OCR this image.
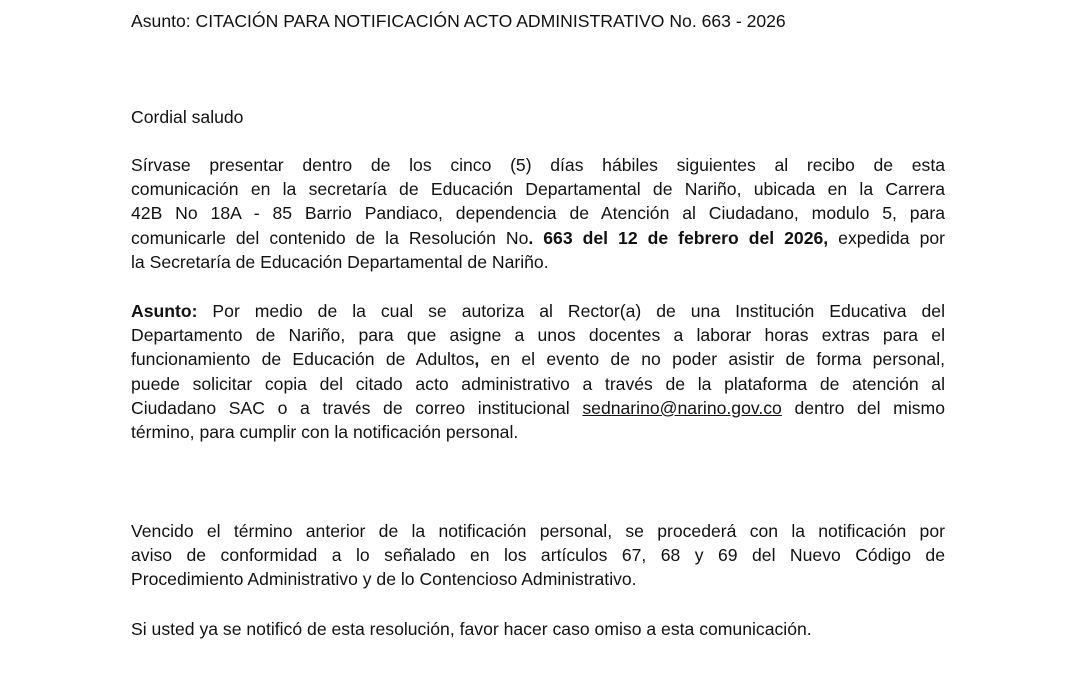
Asunto: CITACIÓN PARA NOTIFICACIÓN ACTO ADMINISTRATIVO No. 663 - 2026

Cordial saludo

Sírvase presentar dentro de los cinco (5) días hábiles siguientes al recibo de esta
comunicación en la secretaría de Educación Departamental de Nariño, ubicada en la Carrera
42B No 18A - 85 Barrio Pandiaco, dependencia de Atención al Ciudadano, modulo 5, para
comunicarle del contenido de la Resolución No. 663 del 12 de febrero del 2026, expedida por
la Secretaría de Educación Departamental de Nariño.

Asunto: Por medio de la cual se autoriza al Rector(a) de una Institución Educativa del
Departamento de Nariño, para que asigne a unos docentes a laborar horas extras para el
funcionamiento de Educación de Adultos, en el evento de no poder asistir de forma personal,
puede solicitar copia del citado acto administrativo a través de la plataforma de atención al
Ciudadano SAC o a través de correo institucional sednarino@narino.gov.co dentro del mismo
término, para cumplir con la notificación personal.

Vencido el término anterior de la notificación personal, se procederá con la notificación por
aviso de conformidad a lo señalado en los artículos 67, 68 y 69 del Nuevo Código de
Procedimiento Administrativo y de lo Contencioso Administrativo.

Si usted ya se notificó de esta resolución, favor hacer caso omiso a esta comunicación.
